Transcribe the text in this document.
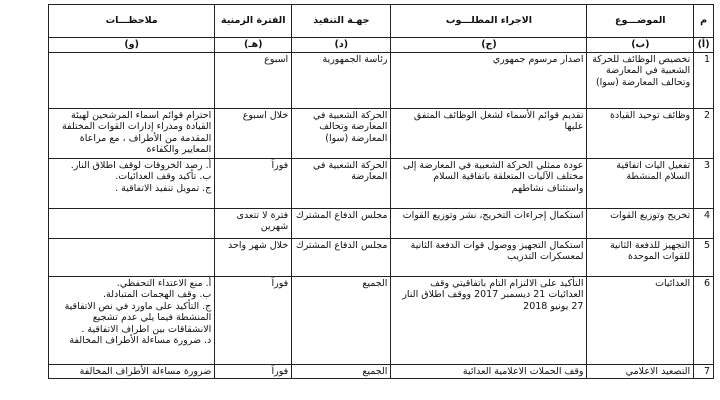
م	الموضـــوع	الاجراء المطلـــوب	جهـة التنفيذ	الفترة الزمنية	ملاحظـــات
(أ)	(ب)	(ج)	(د)	(هـ)	(و)
1	تخصيص الوظائف للحركة الشعبية في المعارضة وتحالف المعارضة (سوا)	اصدار مرسوم جمهوري	رئاسة الجمهورية	اسبوع	
2	وظائف توحيد القيادة	تقديم قوائم الأسماء لشغل الوظائف المتفق عليها	الحركة الشعبية في المعارضة وتحالف المعارضة (سوا)	خلال اسبوع	احترام قوائم اسماء المرشحين لهيئة القيادة ومدراء إدارات القوات المختلفة المقدمة من الأطراف ، مع مراعاة المعايير والكفاءة
3	تفعيل اليات اتفاقية السلام المنشطة	عودة ممثلي الحركة الشعبية في المعارضة إلى مختلف الآليات المتعلقة باتفاقية السلام واستئناف نشاطهم	الحركة الشعبية في المعارضة	فوراً	أ. رصد الخروقات لوقف اطلاق النار.
ب. تأكيد وقف العدائيات.
ج. تمويل تنفيذ الاتفاقية .
4	تخريج وتوزيع القوات	استكمال إجراءات التخريج، نشر وتوزيع القوات	مجلس الدفاع المشترك	فترة لا تتعدى شهرين	
5	التجهيز للدفعة الثانية للقوات الموحدة	استكمال التجهيز ووصول قوات الدفعة الثانية لمعسكرات التدريب	مجلس الدفاع المشترك	خلال شهر واحد	
6	العدائيات	التأكيد على الالتزام التام باتفاقيتي وقف العدائيات 21 ديسمبر 2017 ووقف اطلاق النار 27 يونيو 2018	الجميع	فوراً	أ. منع الاعتداء التحفظي.
ب. وقف الهجمات المتبادلة.
ج. التأكيد على ماورد في نص الاتفاقية المنشطة فيما يلي عدم تشجيع الانشقاقات بين اطراف الاتفاقية .
د. ضرورة مساءلة الأطراف المخالفة
7	التصعيد الاعلامي	وقف الحملات الاعلامية العدائية	الجميع	فوراً	ضرورة مساءلة الأطراف المخالفة
